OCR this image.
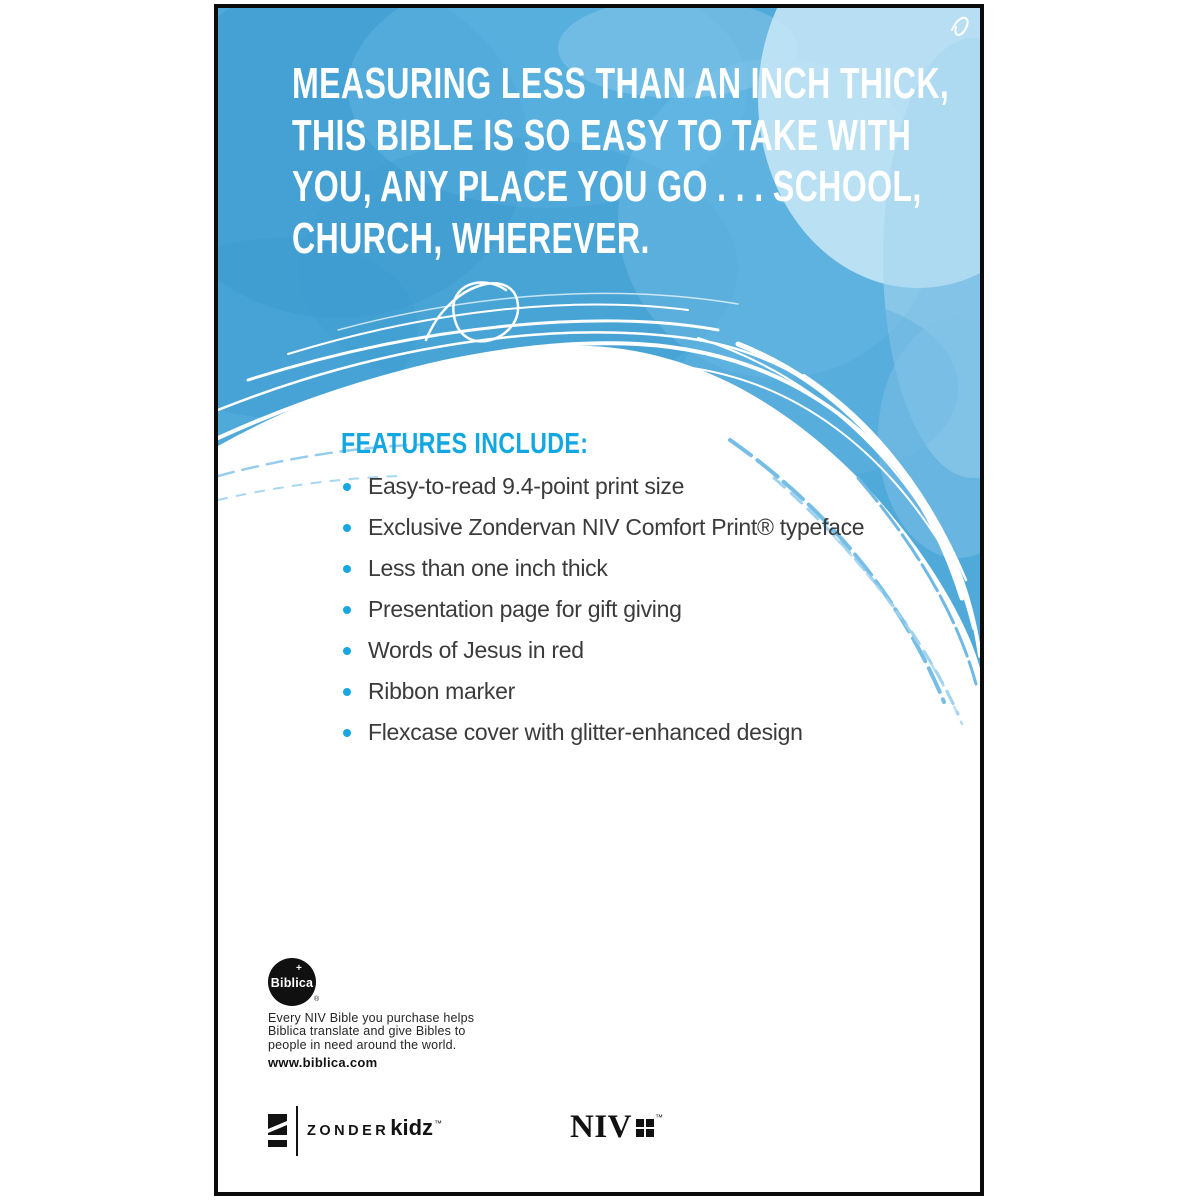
MEASURING LESS THAN AN INCH THICK,
THIS BIBLE IS SO EASY TO TAKE WITH
YOU, ANY PLACE YOU GO . . . SCHOOL,
CHURCH, WHEREVER.
FEATURES INCLUDE:
Easy-to-read 9.4-point print size
Exclusive Zondervan NIV Comfort Print® typeface
Less than one inch thick
Presentation page for gift giving
Words of Jesus in red
Ribbon marker
Flexcase cover with glitter-enhanced design
+
Biblica
®
Every NIV Bible you purchase helps
Biblica translate and give Bibles to
people in need around the world.
www.biblica.com
ZONDER kidz ™	NIV	™
